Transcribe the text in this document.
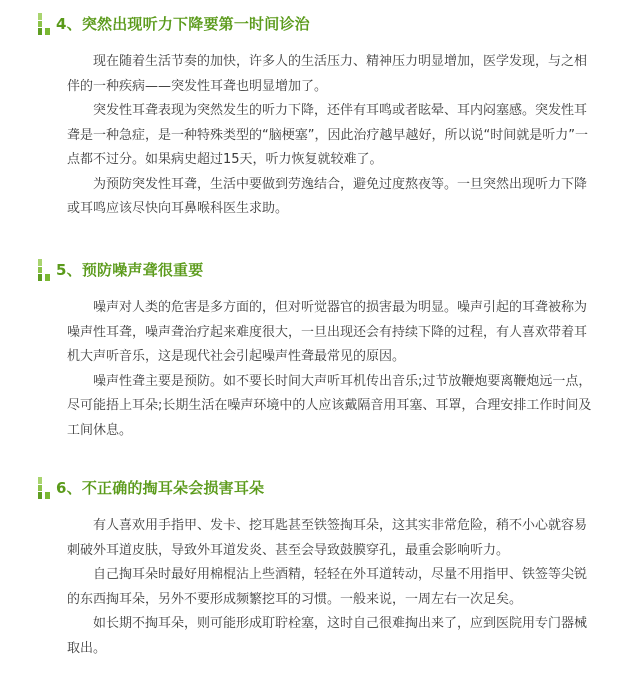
4、突然出现听力下降要第一时间诊治

现在随着生活节奏的加快，许多人的生活压力、精神压力明显增加，医学发现，与之相伴的一种疾病——突发性耳聋也明显增加了。

突发性耳聋表现为突然发生的听力下降，还伴有耳鸣或者眩晕、耳内闷塞感。突发性耳聋是一种急症，是一种特殊类型的“脑梗塞”，因此治疗越早越好，所以说“时间就是听力”一点都不过分。如果病史超过15天，听力恢复就较难了。

为预防突发性耳聋，生活中要做到劳逸结合，避免过度熬夜等。一旦突然出现听力下降或耳鸣应该尽快向耳鼻喉科医生求助。

5、预防噪声聋很重要

噪声对人类的危害是多方面的，但对听觉器官的损害最为明显。噪声引起的耳聋被称为噪声性耳聋，噪声聋治疗起来难度很大，一旦出现还会有持续下降的过程，有人喜欢带着耳机大声听音乐，这是现代社会引起噪声性聋最常见的原因。

噪声性聋主要是预防。如不要长时间大声听耳机传出音乐;过节放鞭炮要离鞭炮远一点，尽可能捂上耳朵;长期生活在噪声环境中的人应该戴隔音用耳塞、耳罩，合理安排工作时间及工间休息。

6、不正确的掏耳朵会损害耳朵

有人喜欢用手指甲、发卡、挖耳匙甚至铁签掏耳朵，这其实非常危险，稍不小心就容易刺破外耳道皮肤，导致外耳道发炎、甚至会导致鼓膜穿孔，最重会影响听力。

自己掏耳朵时最好用棉棍沾上些酒精，轻轻在外耳道转动，尽量不用指甲、铁签等尖锐的东西掏耳朵，另外不要形成频繁挖耳的习惯。一般来说，一周左右一次足矣。

如长期不掏耳朵，则可能形成耵聍栓塞，这时自己很难掏出来了，应到医院用专门器械取出。
